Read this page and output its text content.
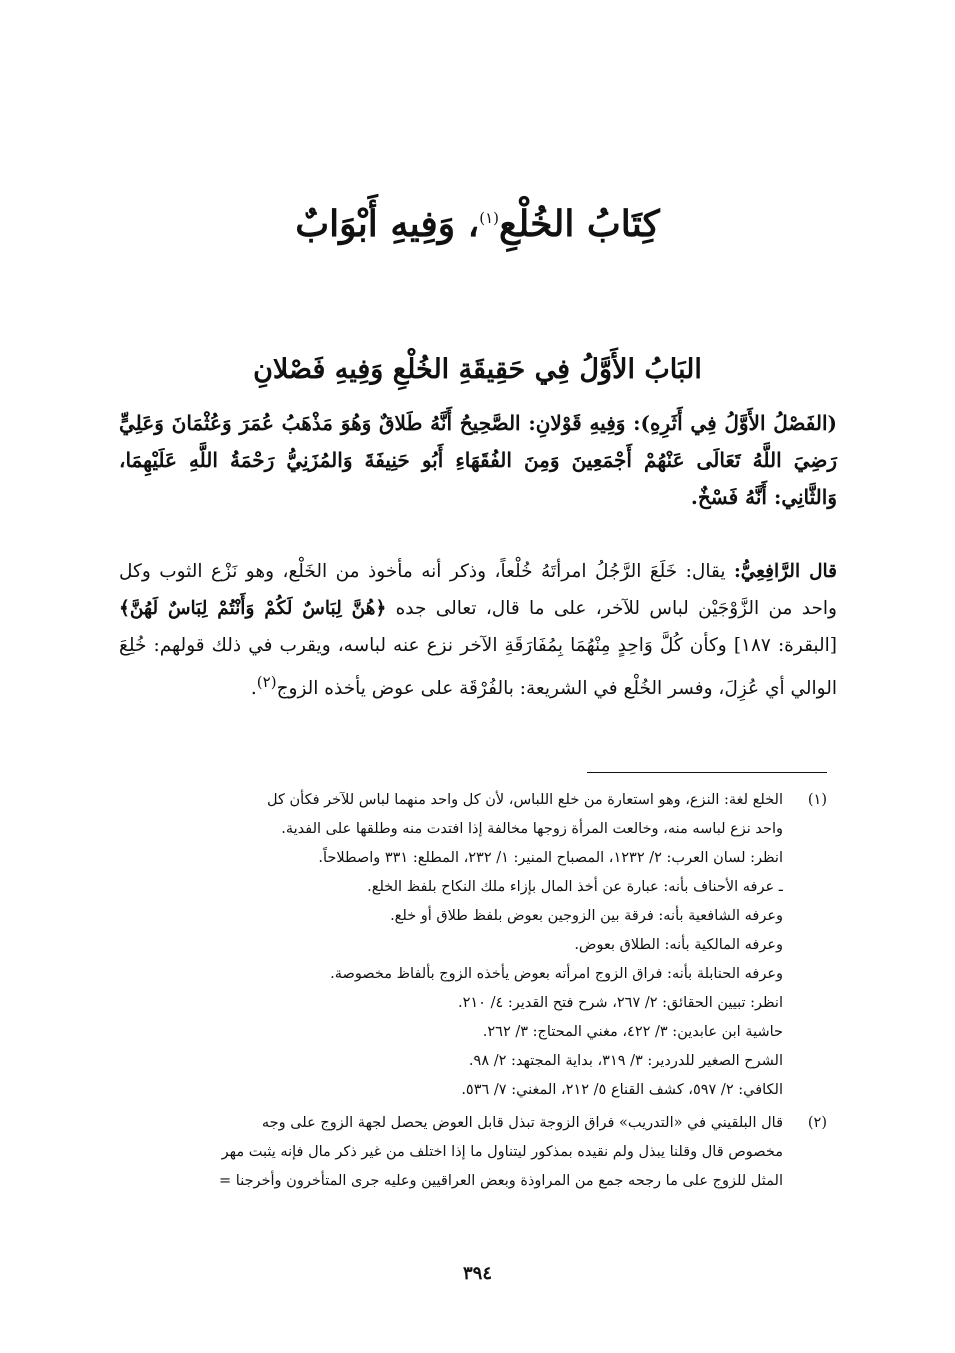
كِتَابُ الخُلْعِ$^{(١)}$، وَفِيهِ أَبْوَابٌ
البَابُ الأَوَّلُ فِي حَقِيقَةِ الخُلْعِ وَفِيهِ فَصْلانِ

(الفَصْلُ الأَوَّلُ فِي أَثَرِهِ): وَفِيهِ قَوْلانِ: الصَّحِيحُ أَنَّهُ طَلاقٌ وَهُوَ مَذْهَبُ عُمَرَ وَعُثْمَانَ وَعَلِيٍّ رَضِيَ اللَّهُ تَعَالَى عَنْهُمْ أَجْمَعِينَ وَمِنَ الفُقَهَاءِ أَبُو حَنِيفَةَ وَالمُزَنِيُّ رَحْمَةُ اللَّهِ عَلَيْهِمَا، وَالثَّانِي: أَنَّهُ فَسْخٌ.

قال الرَّافِعِيُّ: يقال: خَلَعَ الرَّجُلُ امرأتَهُ خُلْعاً، وذكر أنه مأخوذ من الخَلْع، وهو نَزْع الثوب وكل واحد من الزَّوْجَيْن لباس للآخر، على ما قال، تعالى جده ﴿هُنَّ لِبَاسٌ لَكُمْ وَأَنْتُمْ لِبَاسٌ لَهُنَّ﴾ [البقرة: ١٨٧] وكأن كُلَّ وَاحِدٍ مِنْهُمَا بِمُفَارَقَةِ الآخر نزع عنه لباسه، ويقرب في ذلك قولهم: خُلِعَ الوالي أي عُزِلَ، وفسر الخُلْع في الشريعة: بالفُرْقَة على عوض يأخذه الزوج$^{(٢)}$.

(١)
الخلع لغة: النزع، وهو استعارة من خلع اللباس، لأن كل واحد منهما لباس للآخر فكأن كل
واحد نزع لباسه منه، وخالعت المرأة زوجها مخالفة إذا افتدت منه وطلقها على الفدية.
انظر: لسان العرب: ٢/ ١٢٣٢، المصباح المنير: ١/ ٢٣٢، المطلع: ٣٣١ واصطلاحاً.
ـ عرفه الأحناف بأنه: عبارة عن أخذ المال بإزاء ملك النكاح بلفظ الخلع.
وعرفه الشافعية بأنه: فرقة بين الزوجين بعوض بلفظ طلاق أو خلع.
وعرفه المالكية بأنه: الطلاق بعوض.
وعرفه الحنابلة بأنه: فراق الزوج امرأته بعوض يأخذه الزوج بألفاظ مخصوصة.
انظر: تبيين الحقائق: ٢/ ٢٦٧، شرح فتح القدير: ٤/ ٢١٠.
حاشية ابن عابدين: ٣/ ٤٢٢، مغني المحتاج: ٣/ ٢٦٢.
الشرح الصغير للدردير: ٣/ ٣١٩، بداية المجتهد: ٢/ ٩٨.
الكافي: ٢/ ٥٩٧، كشف القناع ٥/ ٢١٢، المغني: ٧/ ٥٣٦.
(٢)
قال البلقيني في «التدريب» فراق الزوجة تبذل قابل العوض يحصل لجهة الزوج على وجه
مخصوص قال وقلنا يبذل ولم نقيده بمذكور ليتناول ما إذا اختلف من غير ذكر مال فإنه يثبت مهر
المثل للزوج على ما رجحه جمع من المراوذة وبعض العراقيين وعليه جرى المتأخرون وأخرجنا =

٣٩٤
